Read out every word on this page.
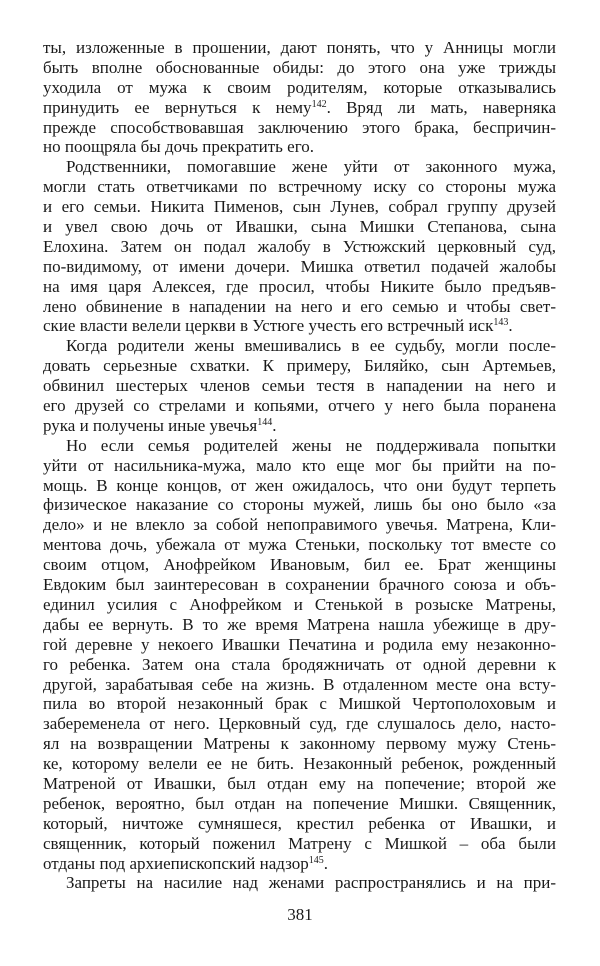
ты, изложенные в прошении, дают понять, что у Анницы могли
быть вполне обоснованные обиды: до этого она уже трижды
уходила от мужа к своим родителям, которые отказывались
принудить ее вернуться к нему$^{142}$. Вряд ли мать, наверняка
прежде способствовавшая заключению этого брака, беспричин-
но поощряла бы дочь прекратить его.
Родственники, помогавшие жене уйти от законного мужа,
могли стать ответчиками по встречному иску со стороны мужа
и его семьи. Никита Пименов, сын Лунев, собрал группу друзей
и увел свою дочь от Ивашки, сына Мишки Степанова, сына
Елохина. Затем он подал жалобу в Устюжский церковный суд,
по-видимому, от имени дочери. Мишка ответил подачей жалобы
на имя царя Алексея, где просил, чтобы Никите было предъяв-
лено обвинение в нападении на него и его семью и чтобы свет-
ские власти велели церкви в Устюге учесть его встречный иск$^{143}$.
Когда родители жены вмешивались в ее судьбу, могли после-
довать серьезные схватки. К примеру, Биляйко, сын Артемьев,
обвинил шестерых членов семьи тестя в нападении на него и
его друзей со стрелами и копьями, отчего у него была поранена
рука и получены иные увечья$^{144}$.
Но если семья родителей жены не поддерживала попытки
уйти от насильника-мужа, мало кто еще мог бы прийти на по-
мощь. В конце концов, от жен ожидалось, что они будут терпеть
физическое наказание со стороны мужей, лишь бы оно было «за
дело» и не влекло за собой непоправимого увечья. Матрена, Кли-
ментова дочь, убежала от мужа Стеньки, поскольку тот вместе со
своим отцом, Анофрейком Ивановым, бил ее. Брат женщины
Евдоким был заинтересован в сохранении брачного союза и объ-
единил усилия с Анофрейком и Стенькой в розыске Матрены,
дабы ее вернуть. В то же время Матрена нашла убежище в дру-
гой деревне у некоего Ивашки Печатина и родила ему незаконно-
го ребенка. Затем она стала бродяжничать от одной деревни к
другой, зарабатывая себе на жизнь. В отдаленном месте она всту-
пила во второй незаконный брак с Мишкой Чертополоховым и
забеременела от него. Церковный суд, где слушалось дело, насто-
ял на возвращении Матрены к законному первому мужу Стень-
ке, которому велели ее не бить. Незаконный ребенок, рожденный
Матреной от Ивашки, был отдан ему на попечение; второй же
ребенок, вероятно, был отдан на попечение Мишки. Священник,
который, ничтоже сумняшеся, крестил ребенка от Ивашки, и
священник, который поженил Матрену с Мишкой – оба были
отданы под архиепископский надзор$^{145}$.
Запреты на насилие над женами распространялись и на при-
381
